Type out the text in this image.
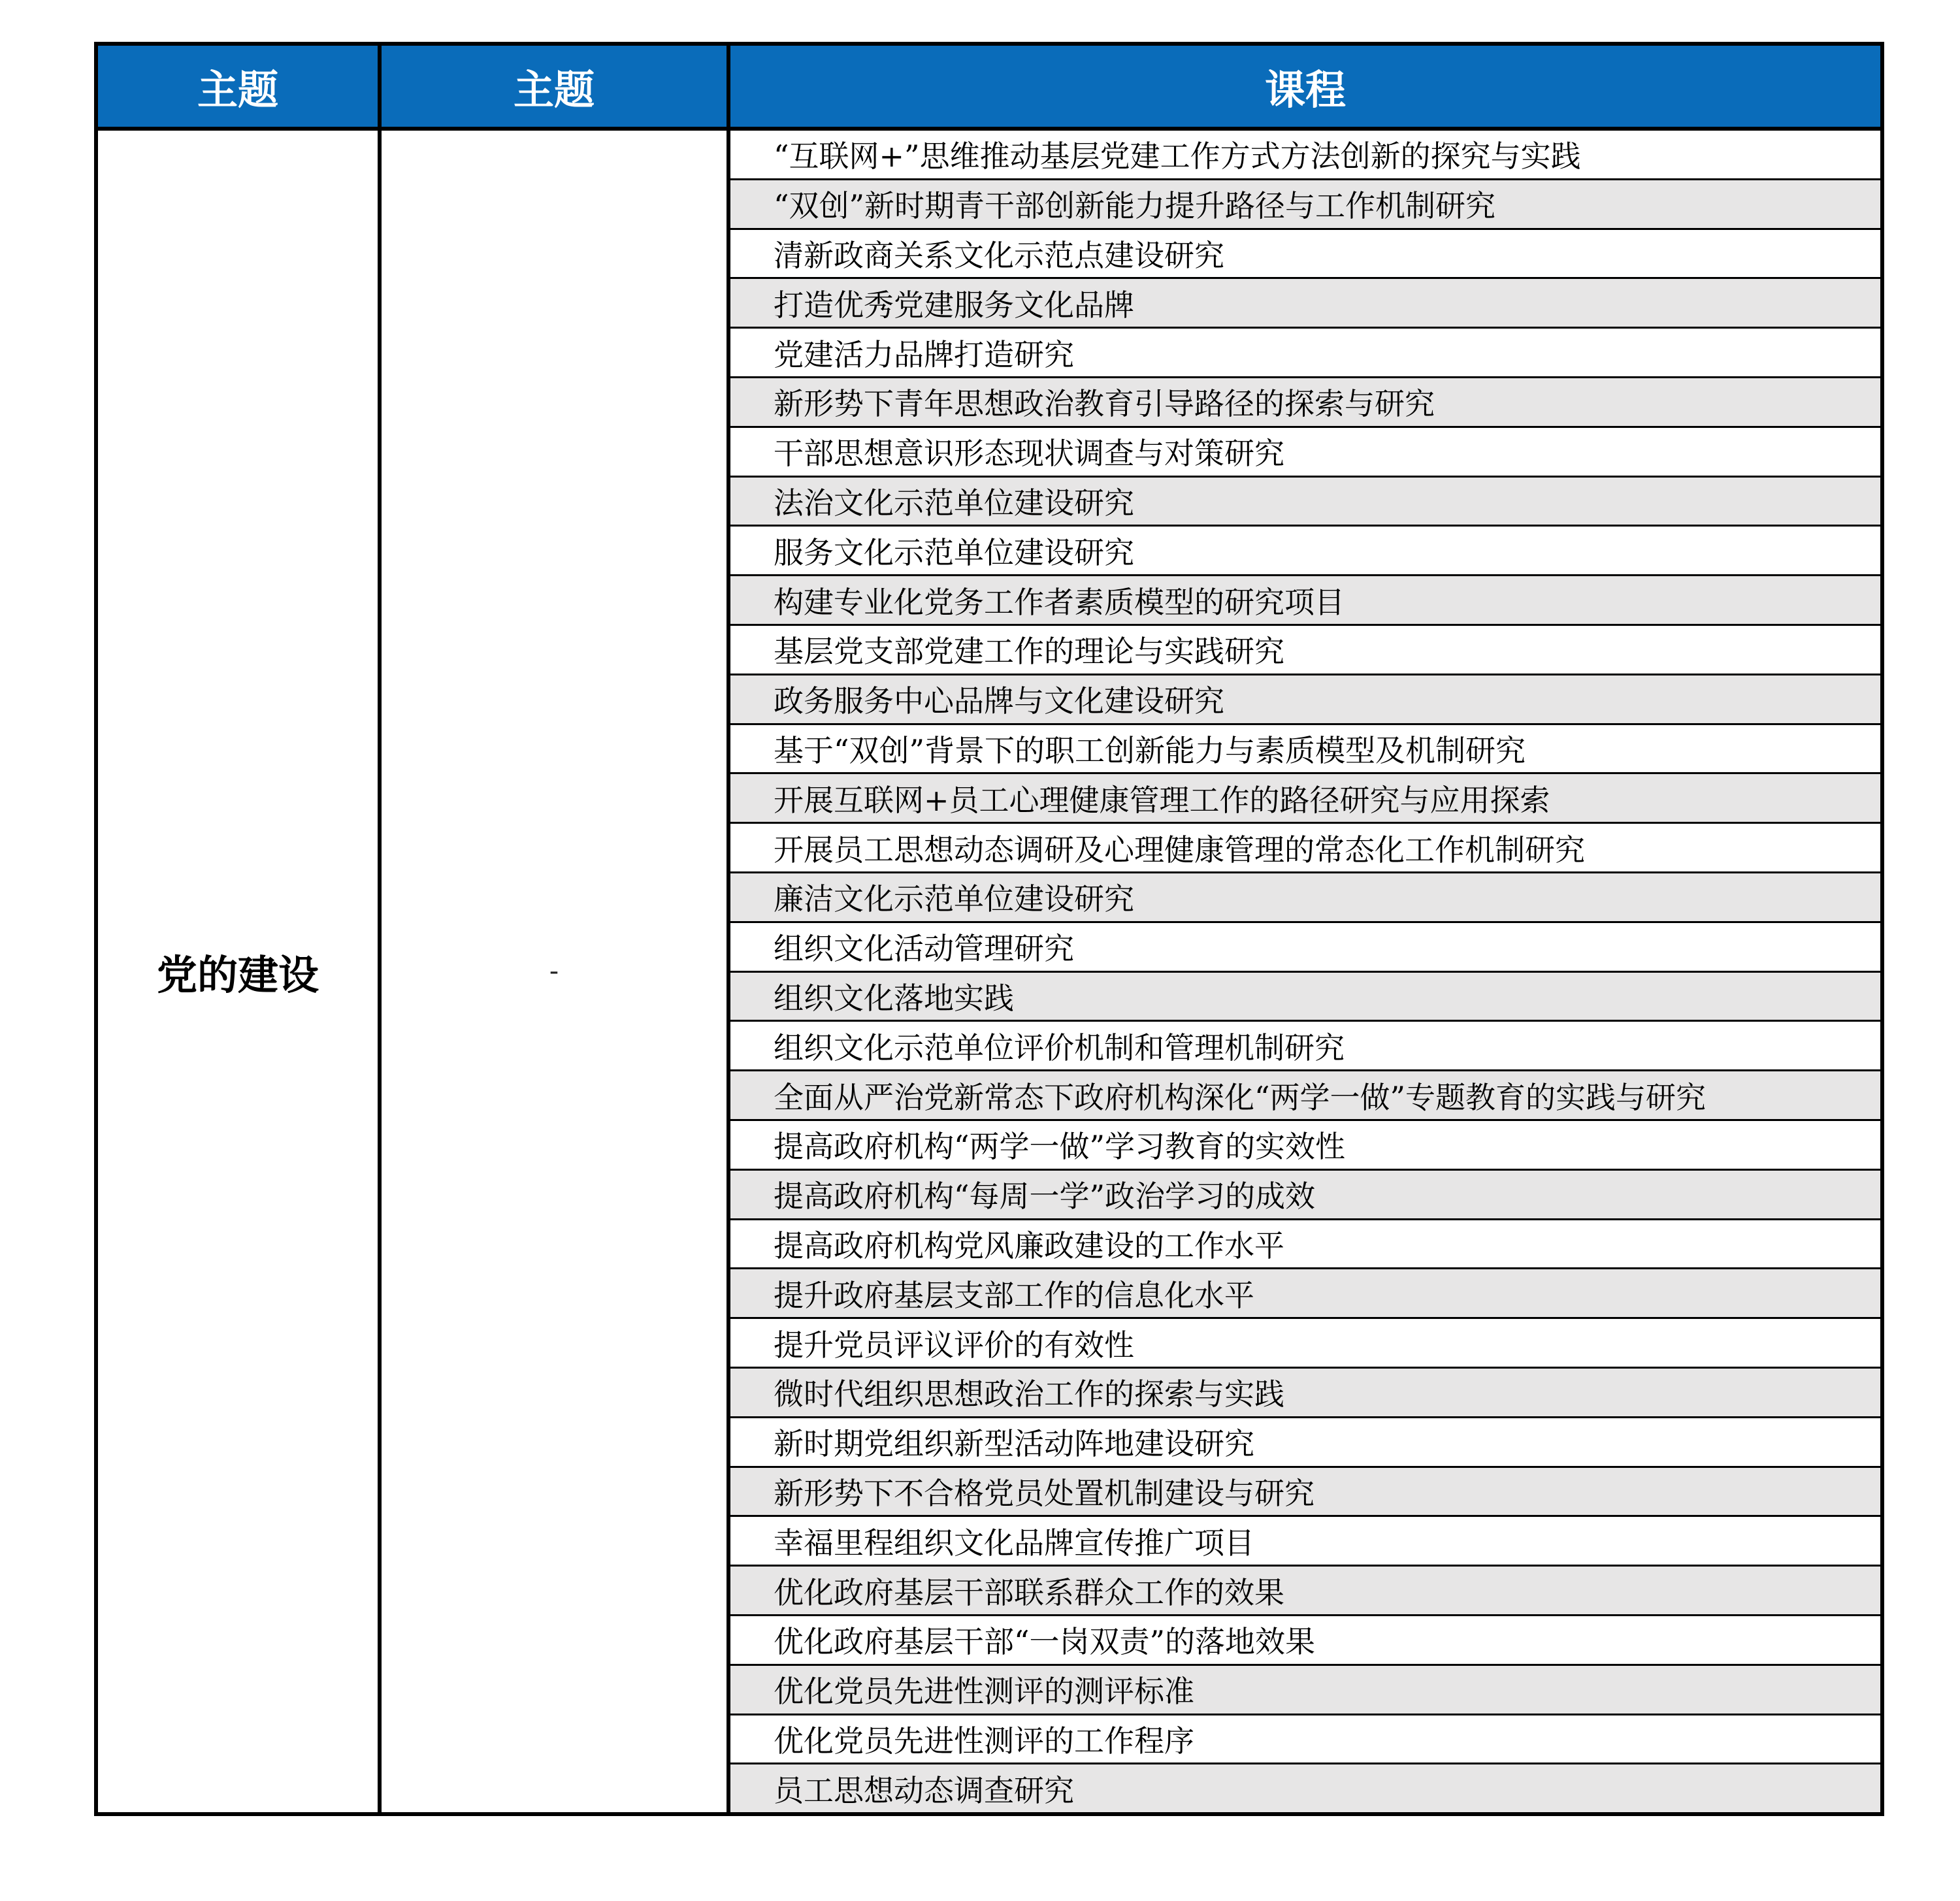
主题	主题	课程
党的建设	-	“互联网+”思维推动基层党建工作方式方法创新的探究与实践
		“双创”新时期青干部创新能力提升路径与工作机制研究
		清新政商关系文化示范点建设研究
		打造优秀党建服务文化品牌
		党建活力品牌打造研究
		新形势下青年思想政治教育引导路径的探索与研究
		干部思想意识形态现状调查与对策研究
		法治文化示范单位建设研究
		服务文化示范单位建设研究
		构建专业化党务工作者素质模型的研究项目
		基层党支部党建工作的理论与实践研究
		政务服务中心品牌与文化建设研究
		基于“双创”背景下的职工创新能力与素质模型及机制研究
		开展互联网+员工心理健康管理工作的路径研究与应用探索
		开展员工思想动态调研及心理健康管理的常态化工作机制研究
		廉洁文化示范单位建设研究
		组织文化活动管理研究
		组织文化落地实践
		组织文化示范单位评价机制和管理机制研究
		全面从严治党新常态下政府机构深化“两学一做”专题教育的实践与研究
		提高政府机构“两学一做”学习教育的实效性
		提高政府机构“每周一学”政治学习的成效
		提高政府机构党风廉政建设的工作水平
		提升政府基层支部工作的信息化水平
		提升党员评议评价的有效性
		微时代组织思想政治工作的探索与实践
		新时期党组织新型活动阵地建设研究
		新形势下不合格党员处置机制建设与研究
		幸福里程组织文化品牌宣传推广项目
		优化政府基层干部联系群众工作的效果
		优化政府基层干部“一岗双责”的落地效果
		优化党员先进性测评的测评标准
		优化党员先进性测评的工作程序
		员工思想动态调查研究
